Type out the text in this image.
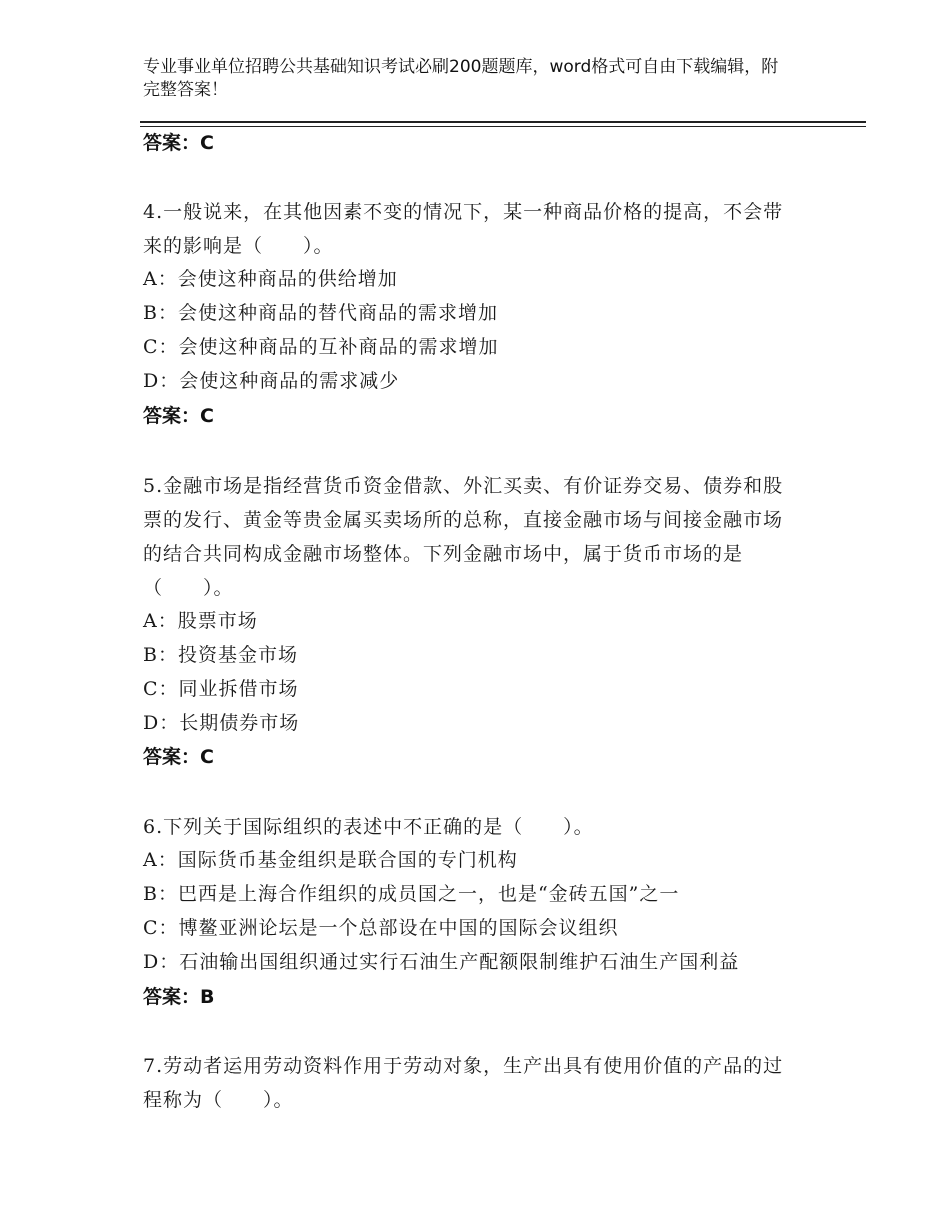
专业事业单位招聘公共基础知识考试必刷200题题库，word格式可自由下载编辑，附完整答案！
答案：C
4.一般说来，在其他因素不变的情况下，某一种商品价格的提高，不会带来的影响是（　　）。
A：会使这种商品的供给增加
B：会使这种商品的替代商品的需求增加
C：会使这种商品的互补商品的需求增加
D：会使这种商品的需求减少
答案：C
5.金融市场是指经营货币资金借款、外汇买卖、有价证券交易、债券和股票的发行、黄金等贵金属买卖场所的总称，直接金融市场与间接金融市场的结合共同构成金融市场整体。下列金融市场中，属于货币市场的是（　　）。
A：股票市场
B：投资基金市场
C：同业拆借市场
D：长期债券市场
答案：C
6.下列关于国际组织的表述中不正确的是（　　）。
A：国际货币基金组织是联合国的专门机构
B：巴西是上海合作组织的成员国之一，也是“金砖五国”之一
C：博鳌亚洲论坛是一个总部设在中国的国际会议组织
D：石油输出国组织通过实行石油生产配额限制维护石油生产国利益
答案：B
7.劳动者运用劳动资料作用于劳动对象，生产出具有使用价值的产品的过程称为（　　）。
